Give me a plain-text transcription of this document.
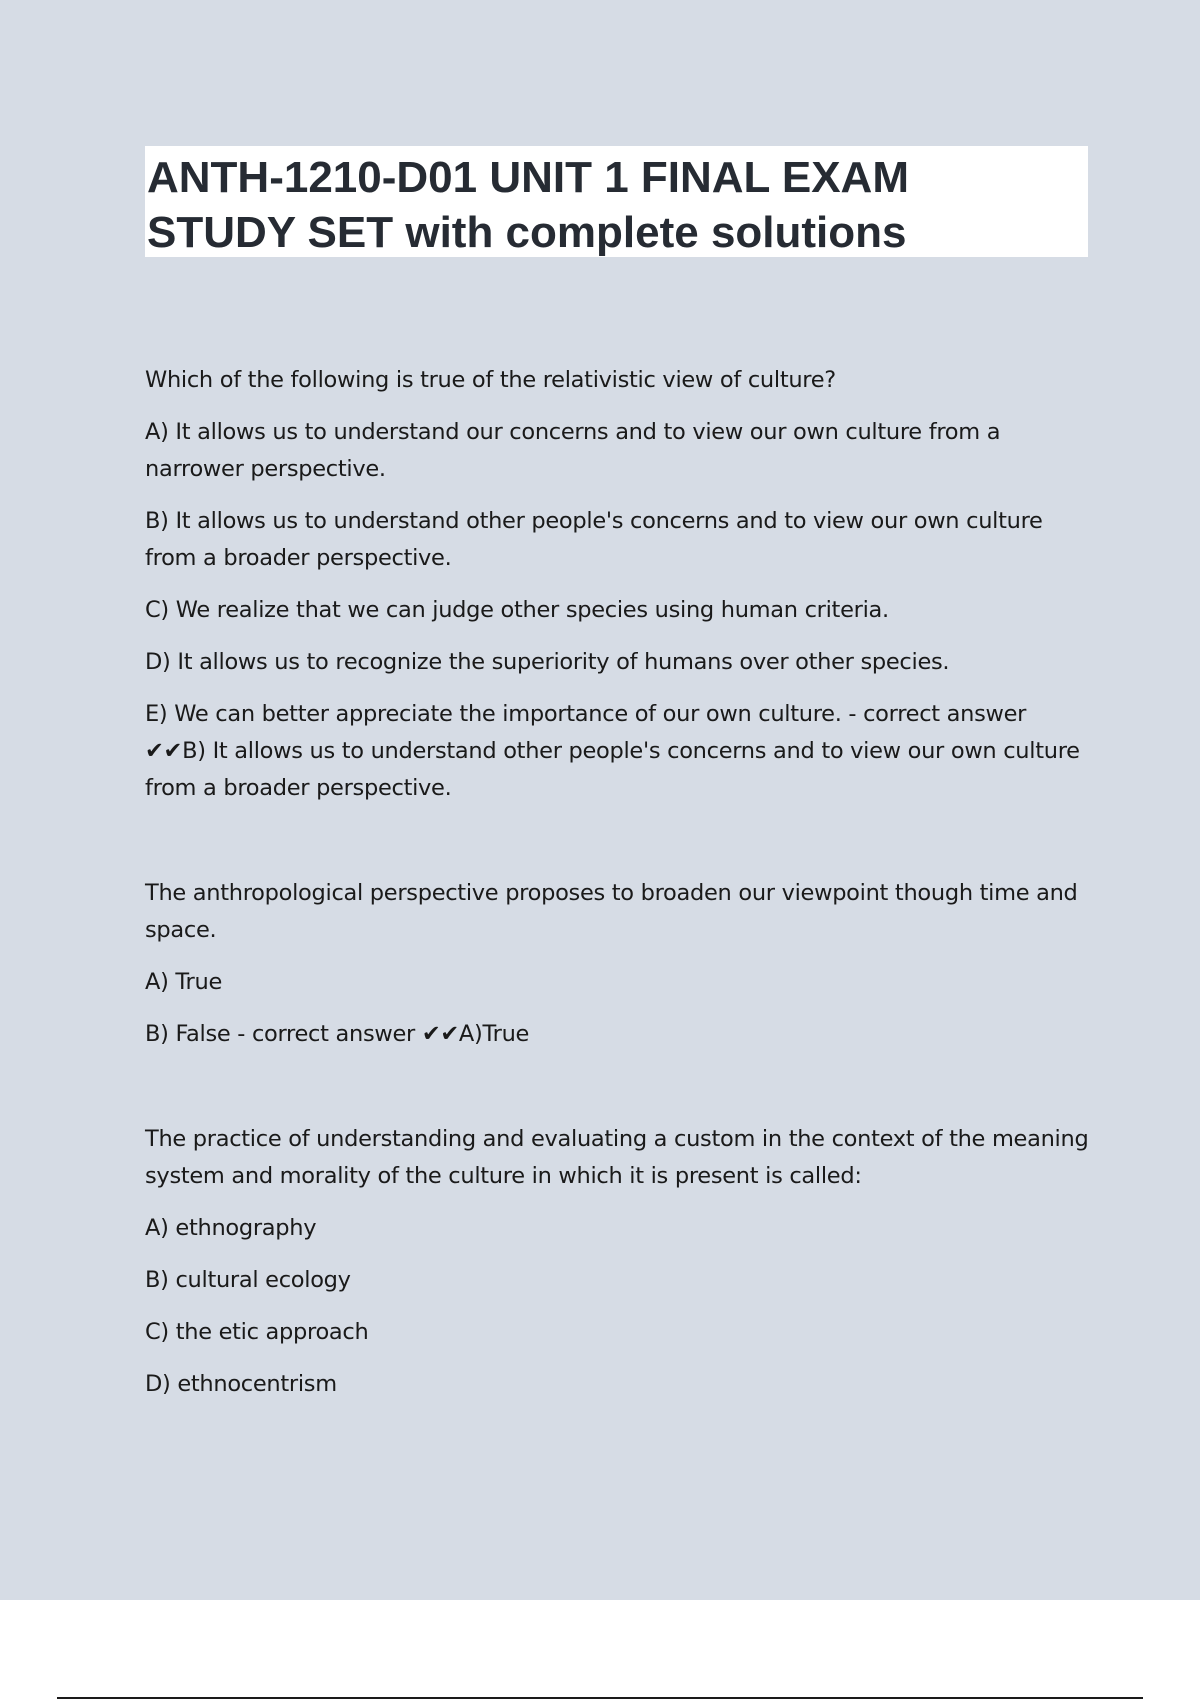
ANTH-1210-D01 UNIT 1 FINAL EXAM
STUDY SET with complete solutions

Which of the following is true of the relativistic view of culture?

A) It allows us to understand our concerns and to view our own culture from a narrower perspective.

B) It allows us to understand other people's concerns and to view our own culture from a broader perspective.

C) We realize that we can judge other species using human criteria.

D) It allows us to recognize the superiority of humans over other species.

E) We can better appreciate the importance of our own culture. - correct answer ✔✔B) It allows us to understand other people's concerns and to view our own culture from a broader perspective.

The anthropological perspective proposes to broaden our viewpoint though time and space.

A) True

B) False - correct answer ✔✔A)True

The practice of understanding and evaluating a custom in the context of the meaning system and morality of the culture in which it is present is called:

A) ethnography

B) cultural ecology

C) the etic approach

D) ethnocentrism
